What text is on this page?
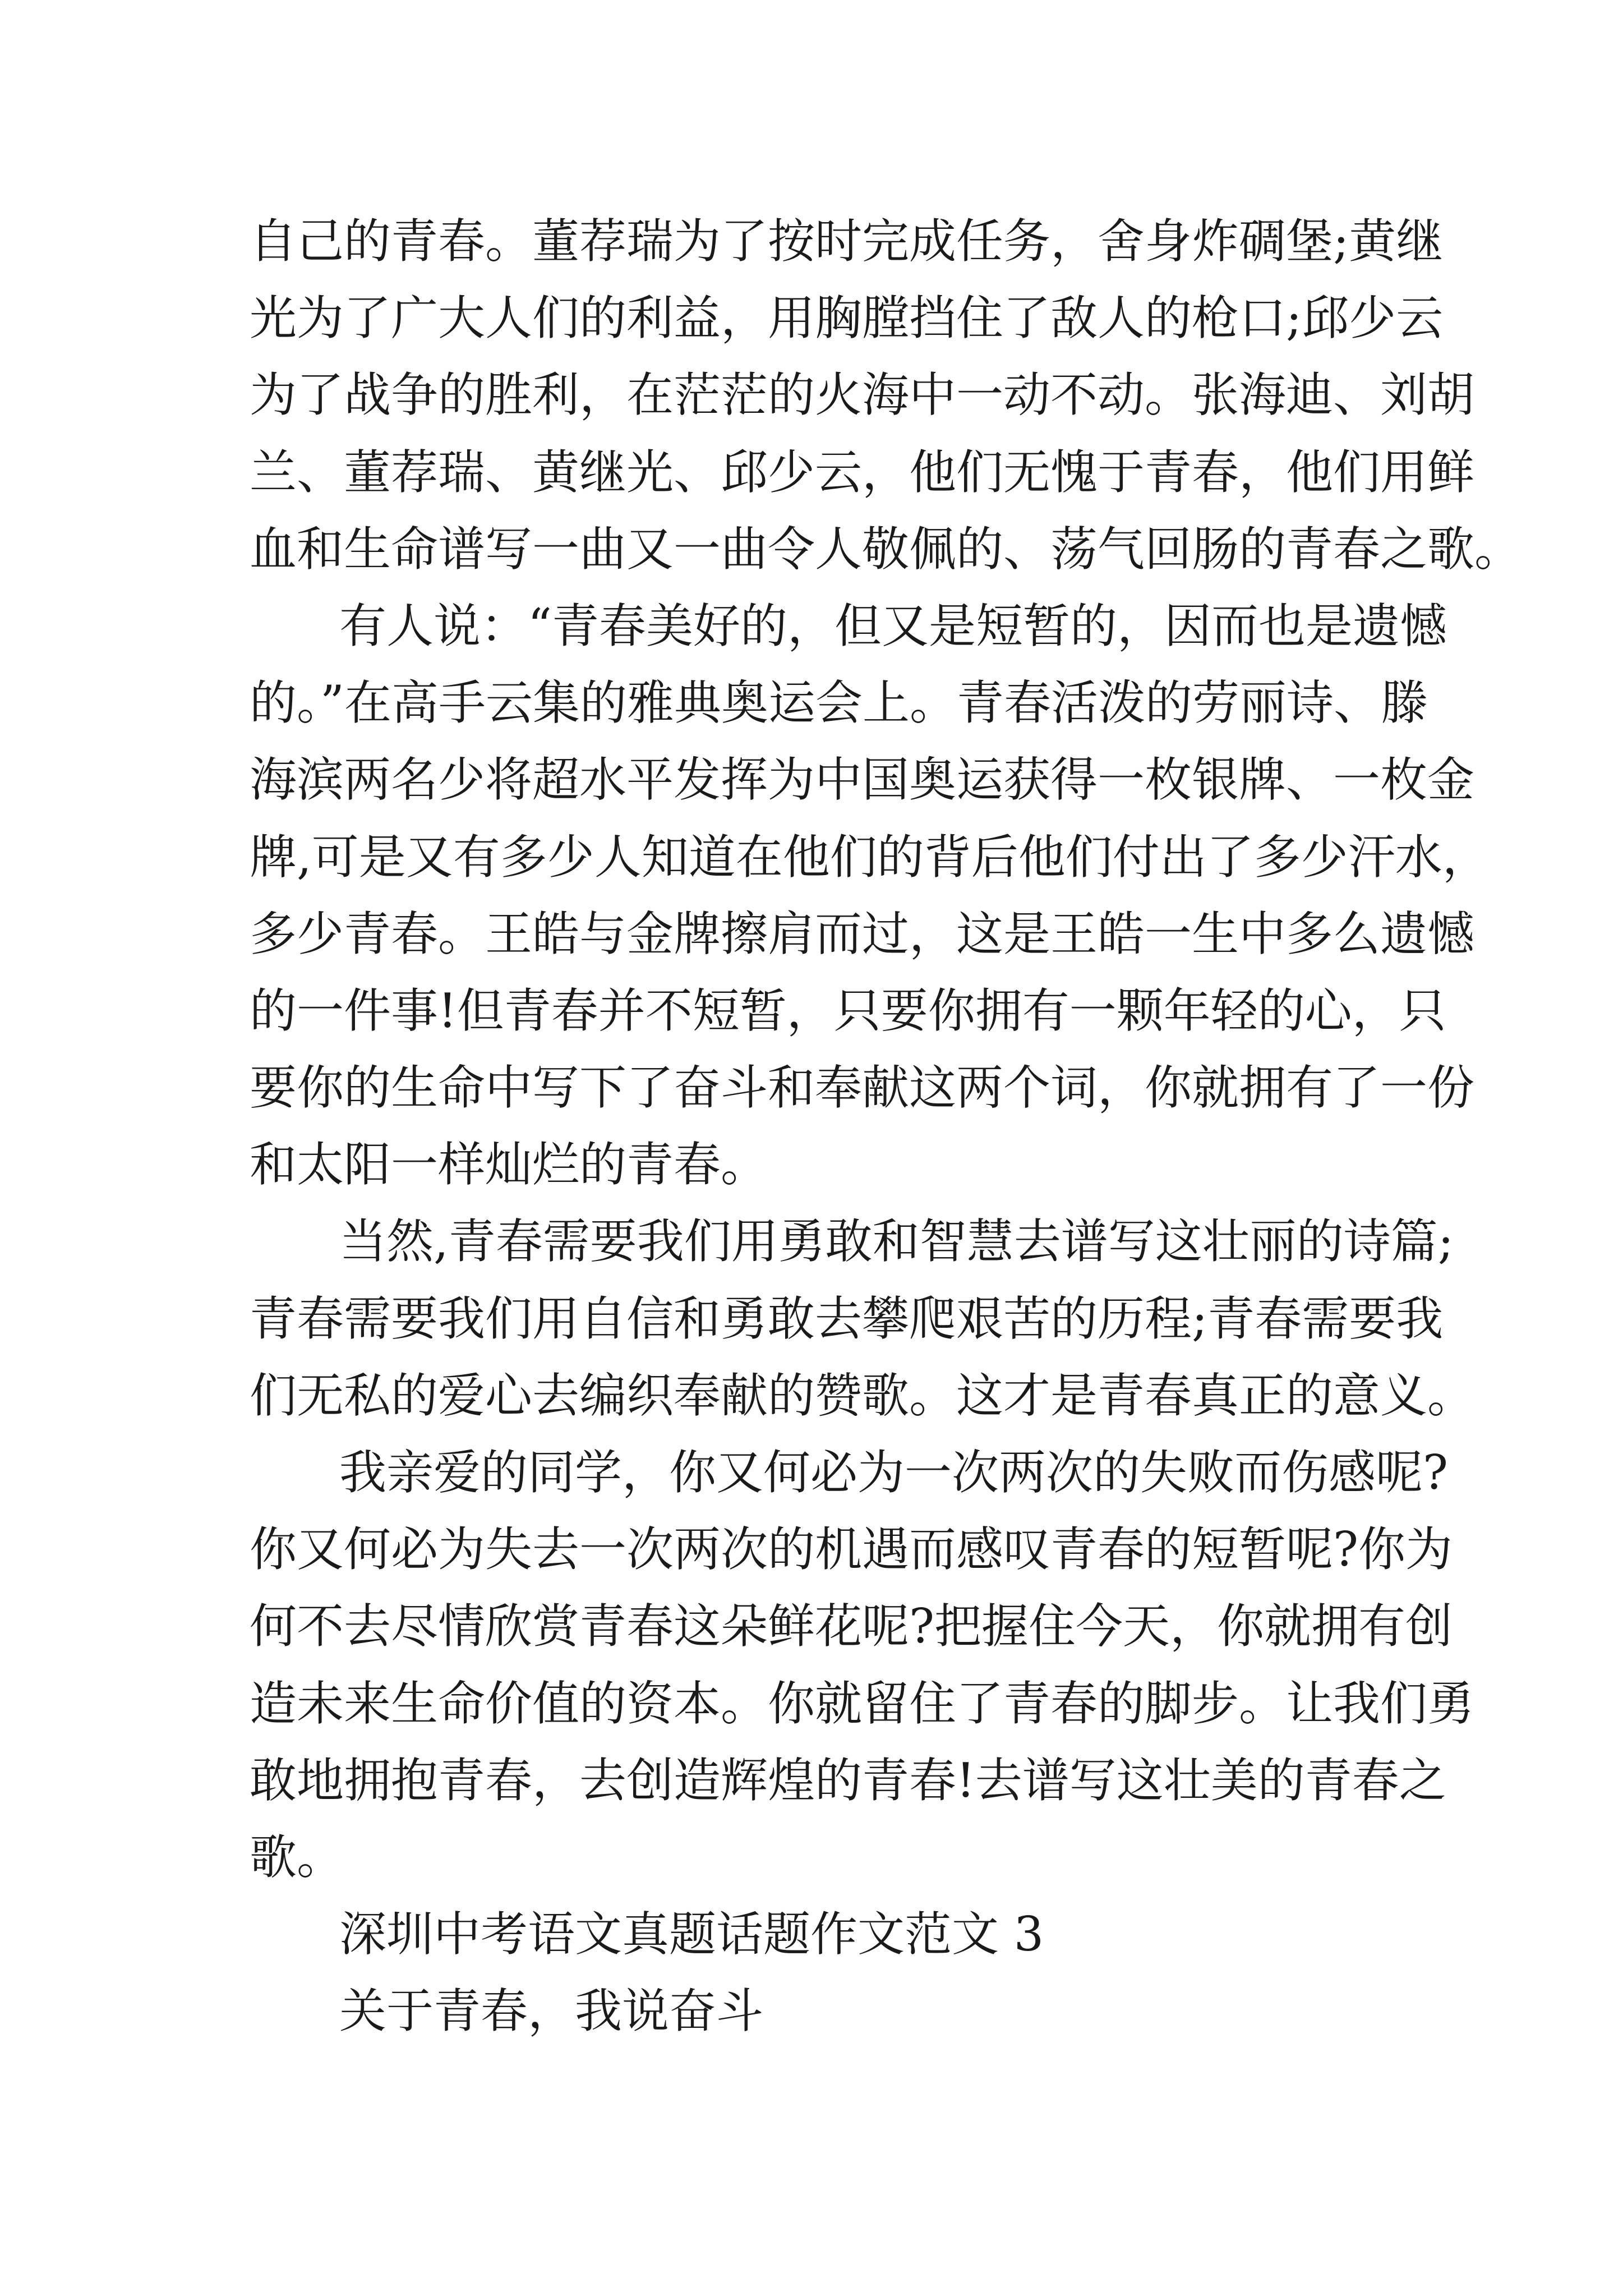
自己的青春。董荐瑞为了按时完成任务，舍身炸碉堡;黄继
光为了广大人们的利益，用胸膛挡住了敌人的枪口;邱少云
为了战争的胜利，在茫茫的火海中一动不动。张海迪、刘胡
兰、董荐瑞、黄继光、邱少云，他们无愧于青春，他们用鲜
血和生命谱写一曲又一曲令人敬佩的、荡气回肠的青春之歌。
有人说：“青春美好的，但又是短暂的，因而也是遗憾
的。”在高手云集的雅典奥运会上。青春活泼的劳丽诗、滕
海滨两名少将超水平发挥为中国奥运获得一枚银牌、一枚金
牌,可是又有多少人知道在他们的背后他们付出了多少汗水，
多少青春。王皓与金牌擦肩而过，这是王皓一生中多么遗憾
的一件事!但青春并不短暂，只要你拥有一颗年轻的心，只
要你的生命中写下了奋斗和奉献这两个词，你就拥有了一份
和太阳一样灿烂的青春。
当然,青春需要我们用勇敢和智慧去谱写这壮丽的诗篇;
青春需要我们用自信和勇敢去攀爬艰苦的历程;青春需要我
们无私的爱心去编织奉献的赞歌。这才是青春真正的意义。
我亲爱的同学，你又何必为一次两次的失败而伤感呢?
你又何必为失去一次两次的机遇而感叹青春的短暂呢?你为
何不去尽情欣赏青春这朵鲜花呢?把握住今天，你就拥有创
造未来生命价值的资本。你就留住了青春的脚步。让我们勇
敢地拥抱青春，去创造辉煌的青春!去谱写这壮美的青春之
歌。
深圳中考语文真题话题作文范文 3
关于青春，我说奋斗
